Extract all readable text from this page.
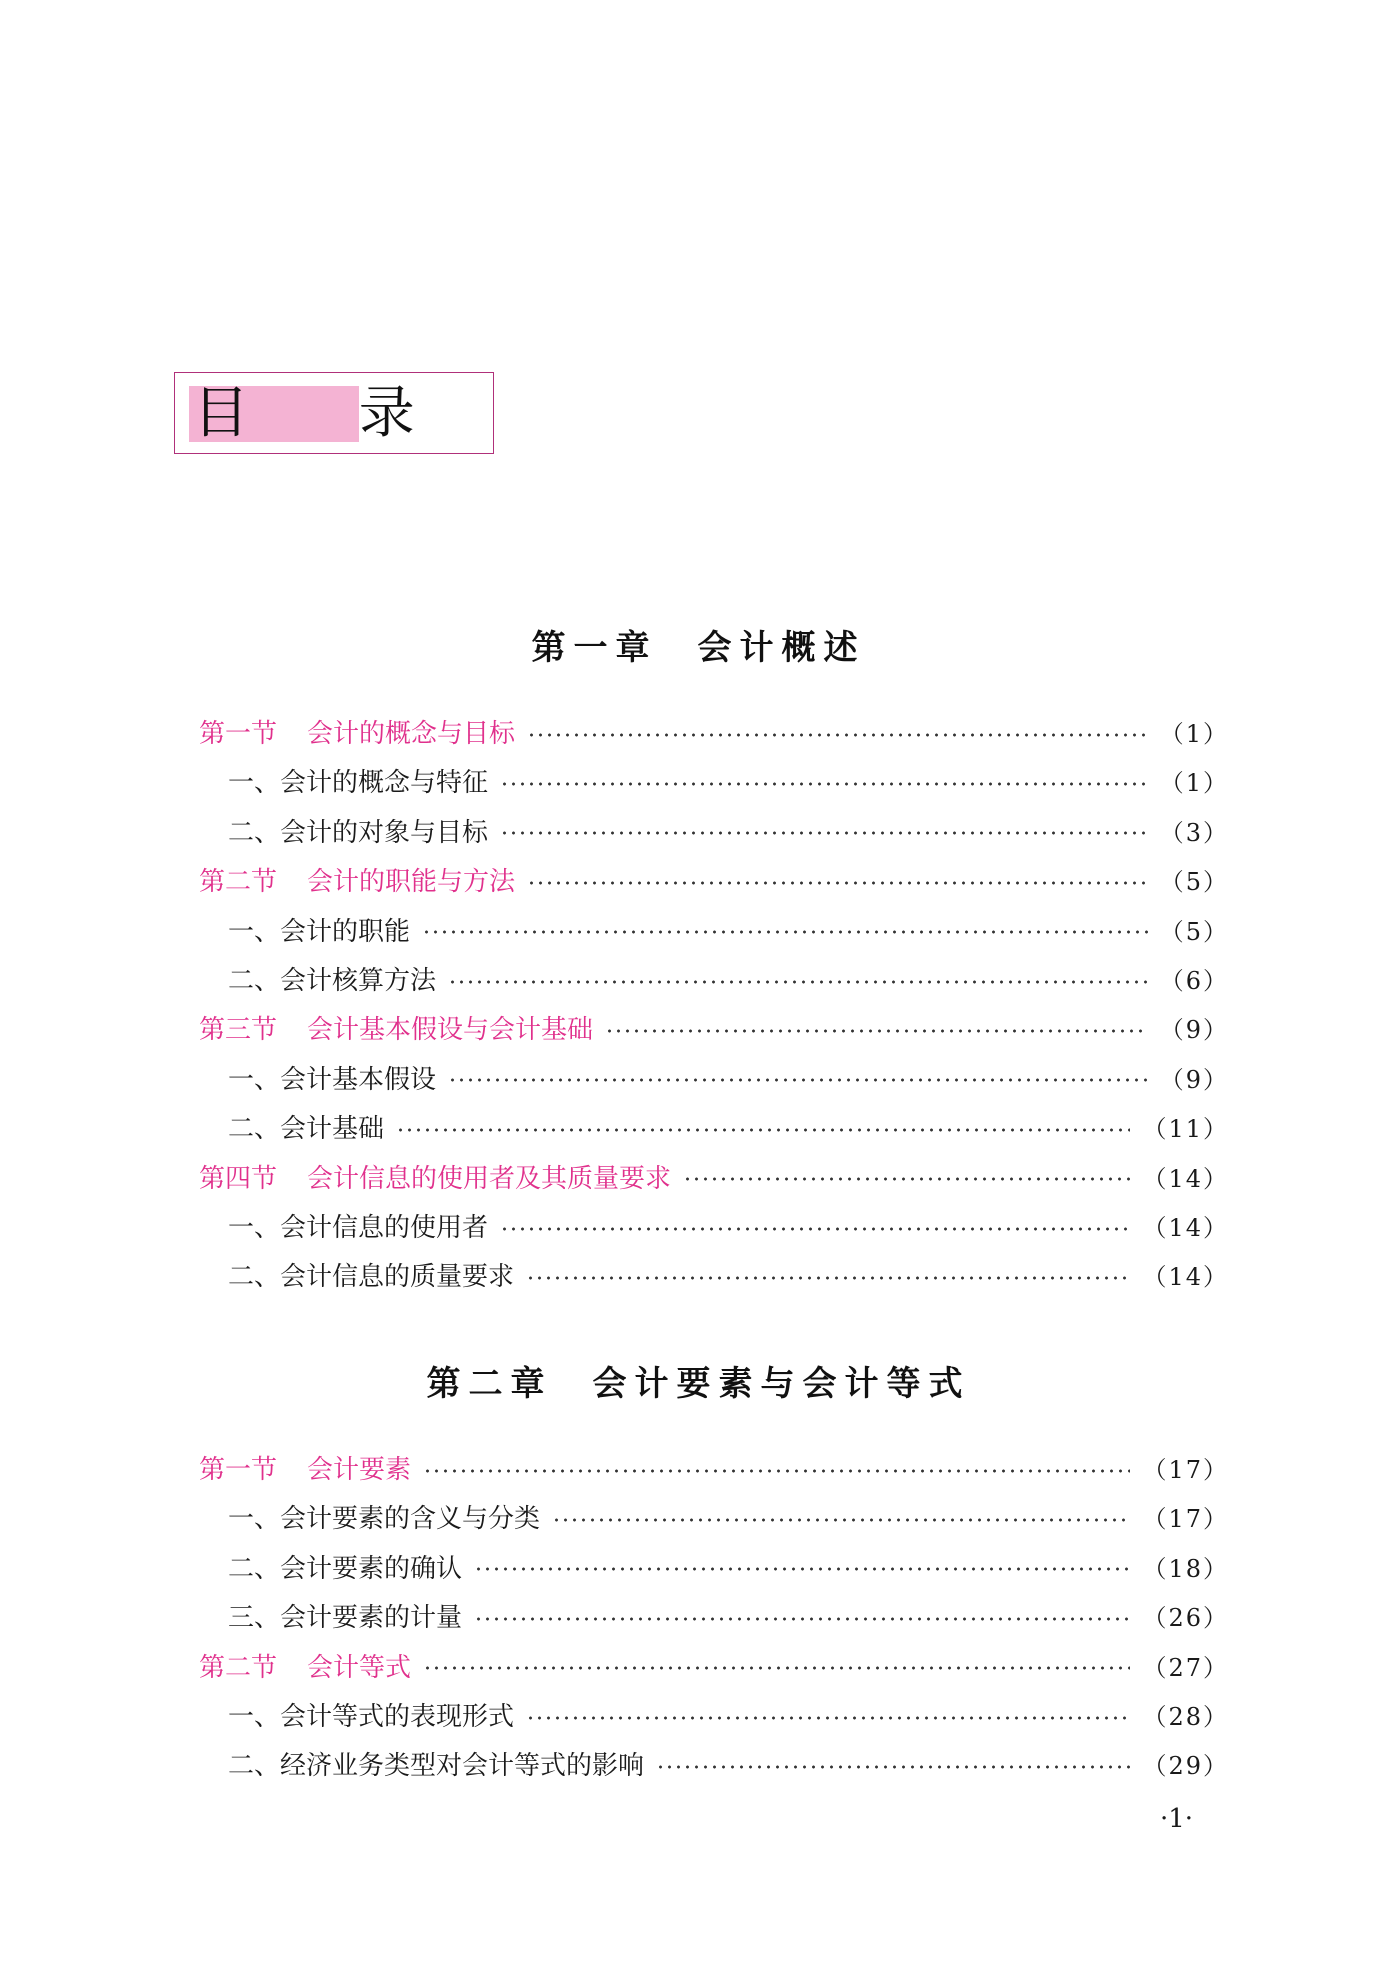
目 录
第一章 会计概述
第一节 会计的概念与目标	（1）
一、会计的概念与特征	（1）
二、会计的对象与目标	（3）
第二节 会计的职能与方法	（5）
一、会计的职能	（5）
二、会计核算方法	（6）
第三节 会计基本假设与会计基础	（9）
一、会计基本假设	（9）
二、会计基础	（11）
第四节 会计信息的使用者及其质量要求	（14）
一、会计信息的使用者	（14）
二、会计信息的质量要求	（14）
第二章 会计要素与会计等式
第一节 会计要素	（17）
一、会计要素的含义与分类	（17）
二、会计要素的确认	（18）
三、会计要素的计量	（26）
第二节 会计等式	（27）
一、会计等式的表现形式	（28）
二、经济业务类型对会计等式的影响	（29）
·1·
